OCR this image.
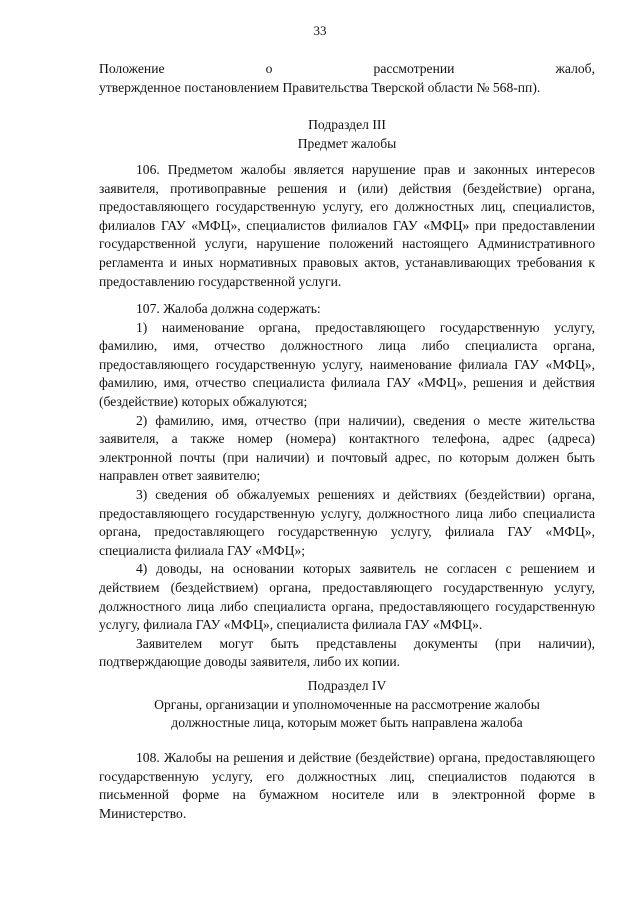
33
Положение	о	рассмотрении	жалоб,
утвержденное постановлением Правительства Тверской области № 568-пп).

Подраздел III

Предмет жалобы

106. Предметом жалобы является нарушение прав и законных интересов заявителя, противоправные решения и (или) действия (бездействие) органа, предоставляющего государственную услугу, его должностных лиц, специалистов, филиалов ГАУ «МФЦ», специалистов филиалов ГАУ «МФЦ» при предоставлении государственной услуги, нарушение положений настоящего Административного регламента и иных нормативных правовых актов, устанавливающих требования к предоставлению государственной услуги.

107. Жалоба должна содержать:

1) наименование органа, предоставляющего государственную услугу, фамилию, имя, отчество должностного лица либо специалиста органа, предоставляющего государственную услугу, наименование филиала ГАУ «МФЦ», фамилию, имя, отчество специалиста филиала ГАУ «МФЦ», решения и действия (бездействие) которых обжалуются;

2) фамилию, имя, отчество (при наличии), сведения о месте жительства заявителя, а также номер (номера) контактного телефона, адрес (адреса) электронной почты (при наличии) и почтовый адрес, по которым должен быть направлен ответ заявителю;

3) сведения об обжалуемых решениях и действиях (бездействии) органа, предоставляющего государственную услугу, должностного лица либо специалиста органа, предоставляющего государственную услугу, филиала ГАУ «МФЦ», специалиста филиала ГАУ «МФЦ»;

4) доводы, на основании которых заявитель не согласен с решением и действием (бездействием) органа, предоставляющего государственную услугу, должностного лица либо специалиста органа, предоставляющего государственную услугу, филиала ГАУ «МФЦ», специалиста филиала ГАУ «МФЦ».

Заявителем могут быть представлены документы (при наличии), подтверждающие доводы заявителя, либо их копии.

Подраздел IV

Органы, организации и уполномоченные на рассмотрение жалобы

должностные лица, которым может быть направлена жалоба

108. Жалобы на решения и действие (бездействие) органа, предоставляющего государственную услугу, его должностных лиц, специалистов подаются в письменной форме на бумажном носителе или в электронной форме в Министерство.
